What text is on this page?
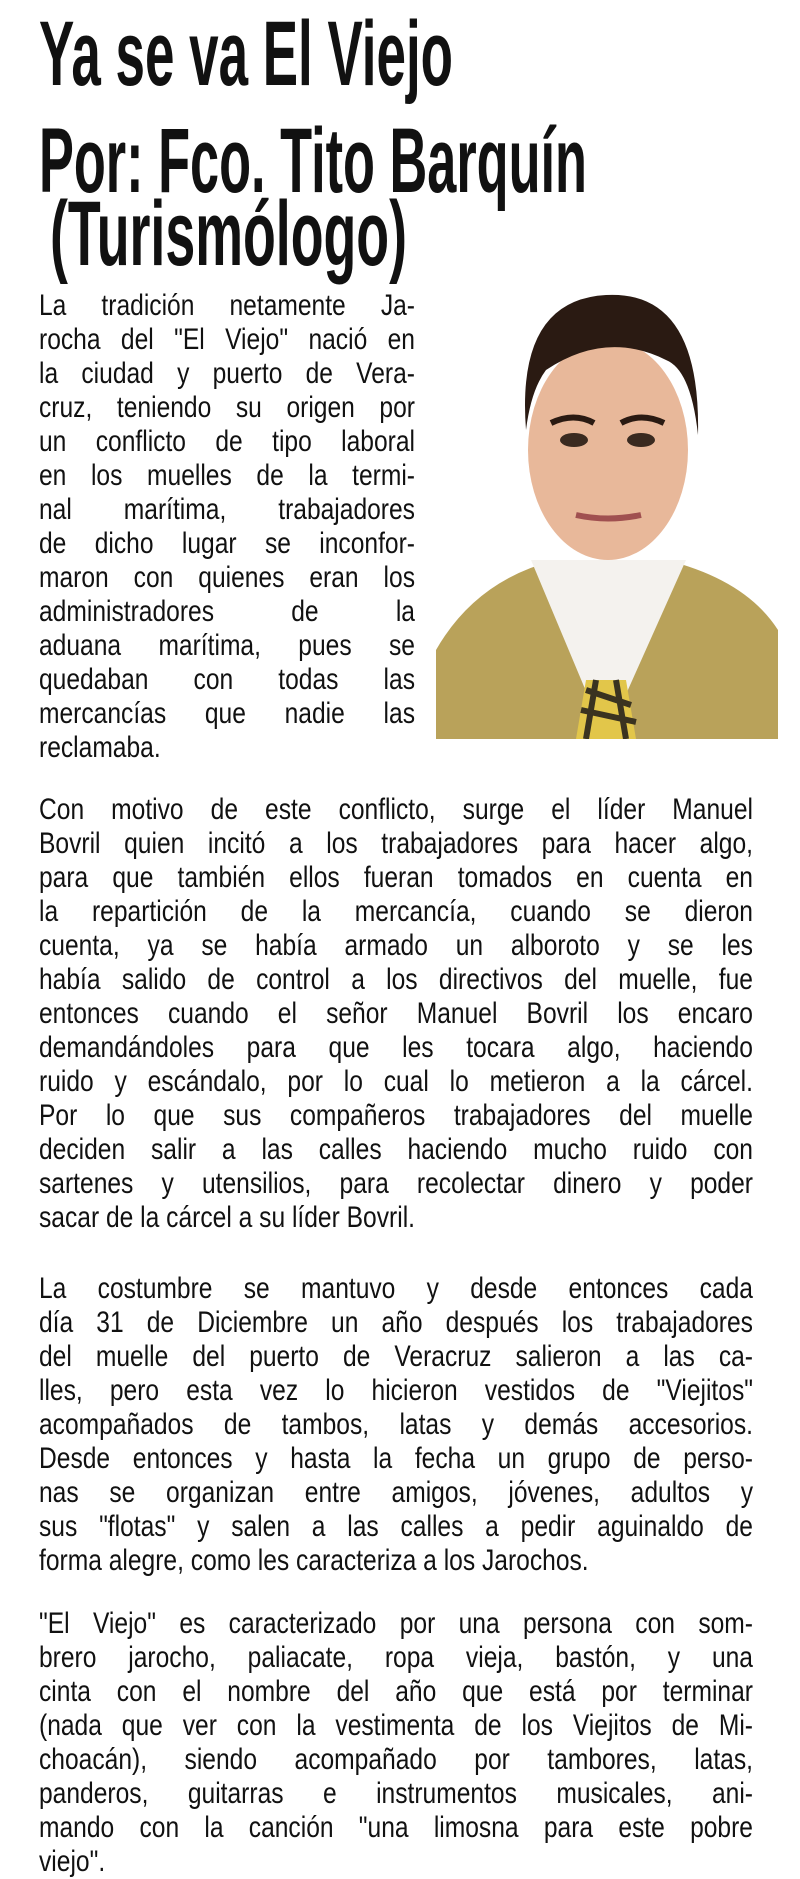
Ya se va El Viejo
Por: Fco. Tito Barquín
(Turismólogo)
La tradición netamente Ja-
rocha del "El Viejo" nació en
la ciudad y puerto de Vera-
cruz, teniendo su origen por
un conflicto de tipo laboral
en los muelles de la termi-
nal marítima, trabajadores
de dicho lugar se inconfor-
maron con quienes eran los
administradores de la
aduana marítima, pues se
quedaban con todas las
mercancías que nadie las
reclamaba.
Con motivo de este conflicto, surge el líder Manuel
Bovril quien incitó a los trabajadores para hacer algo,
para que también ellos fueran tomados en cuenta en
la repartición de la mercancía, cuando se dieron
cuenta, ya se había armado un alboroto y se les
había salido de control a los directivos del muelle, fue
entonces cuando el señor Manuel Bovril los encaro
demandándoles para que les tocara algo, haciendo
ruido y escándalo, por lo cual lo metieron a la cárcel.
Por lo que sus compañeros trabajadores del muelle
deciden salir a las calles haciendo mucho ruido con
sartenes y utensilios, para recolectar dinero y poder
sacar de la cárcel a su líder Bovril.
La costumbre se mantuvo y desde entonces cada
día 31 de Diciembre un año después los trabajadores
del muelle del puerto de Veracruz salieron a las ca-
lles, pero esta vez lo hicieron vestidos de "Viejitos"
acompañados de tambos, latas y demás accesorios.
Desde entonces y hasta la fecha un grupo de perso-
nas se organizan entre amigos, jóvenes, adultos y
sus "flotas" y salen a las calles a pedir aguinaldo de
forma alegre, como les caracteriza a los Jarochos.
"El Viejo" es caracterizado por una persona con som-
brero jarocho, paliacate, ropa vieja, bastón, y una
cinta con el nombre del año que está por terminar
(nada que ver con la vestimenta de los Viejitos de Mi-
choacán), siendo acompañado por tambores, latas,
panderos, guitarras e instrumentos musicales, ani-
mando con la canción "una limosna para este pobre
viejo".
